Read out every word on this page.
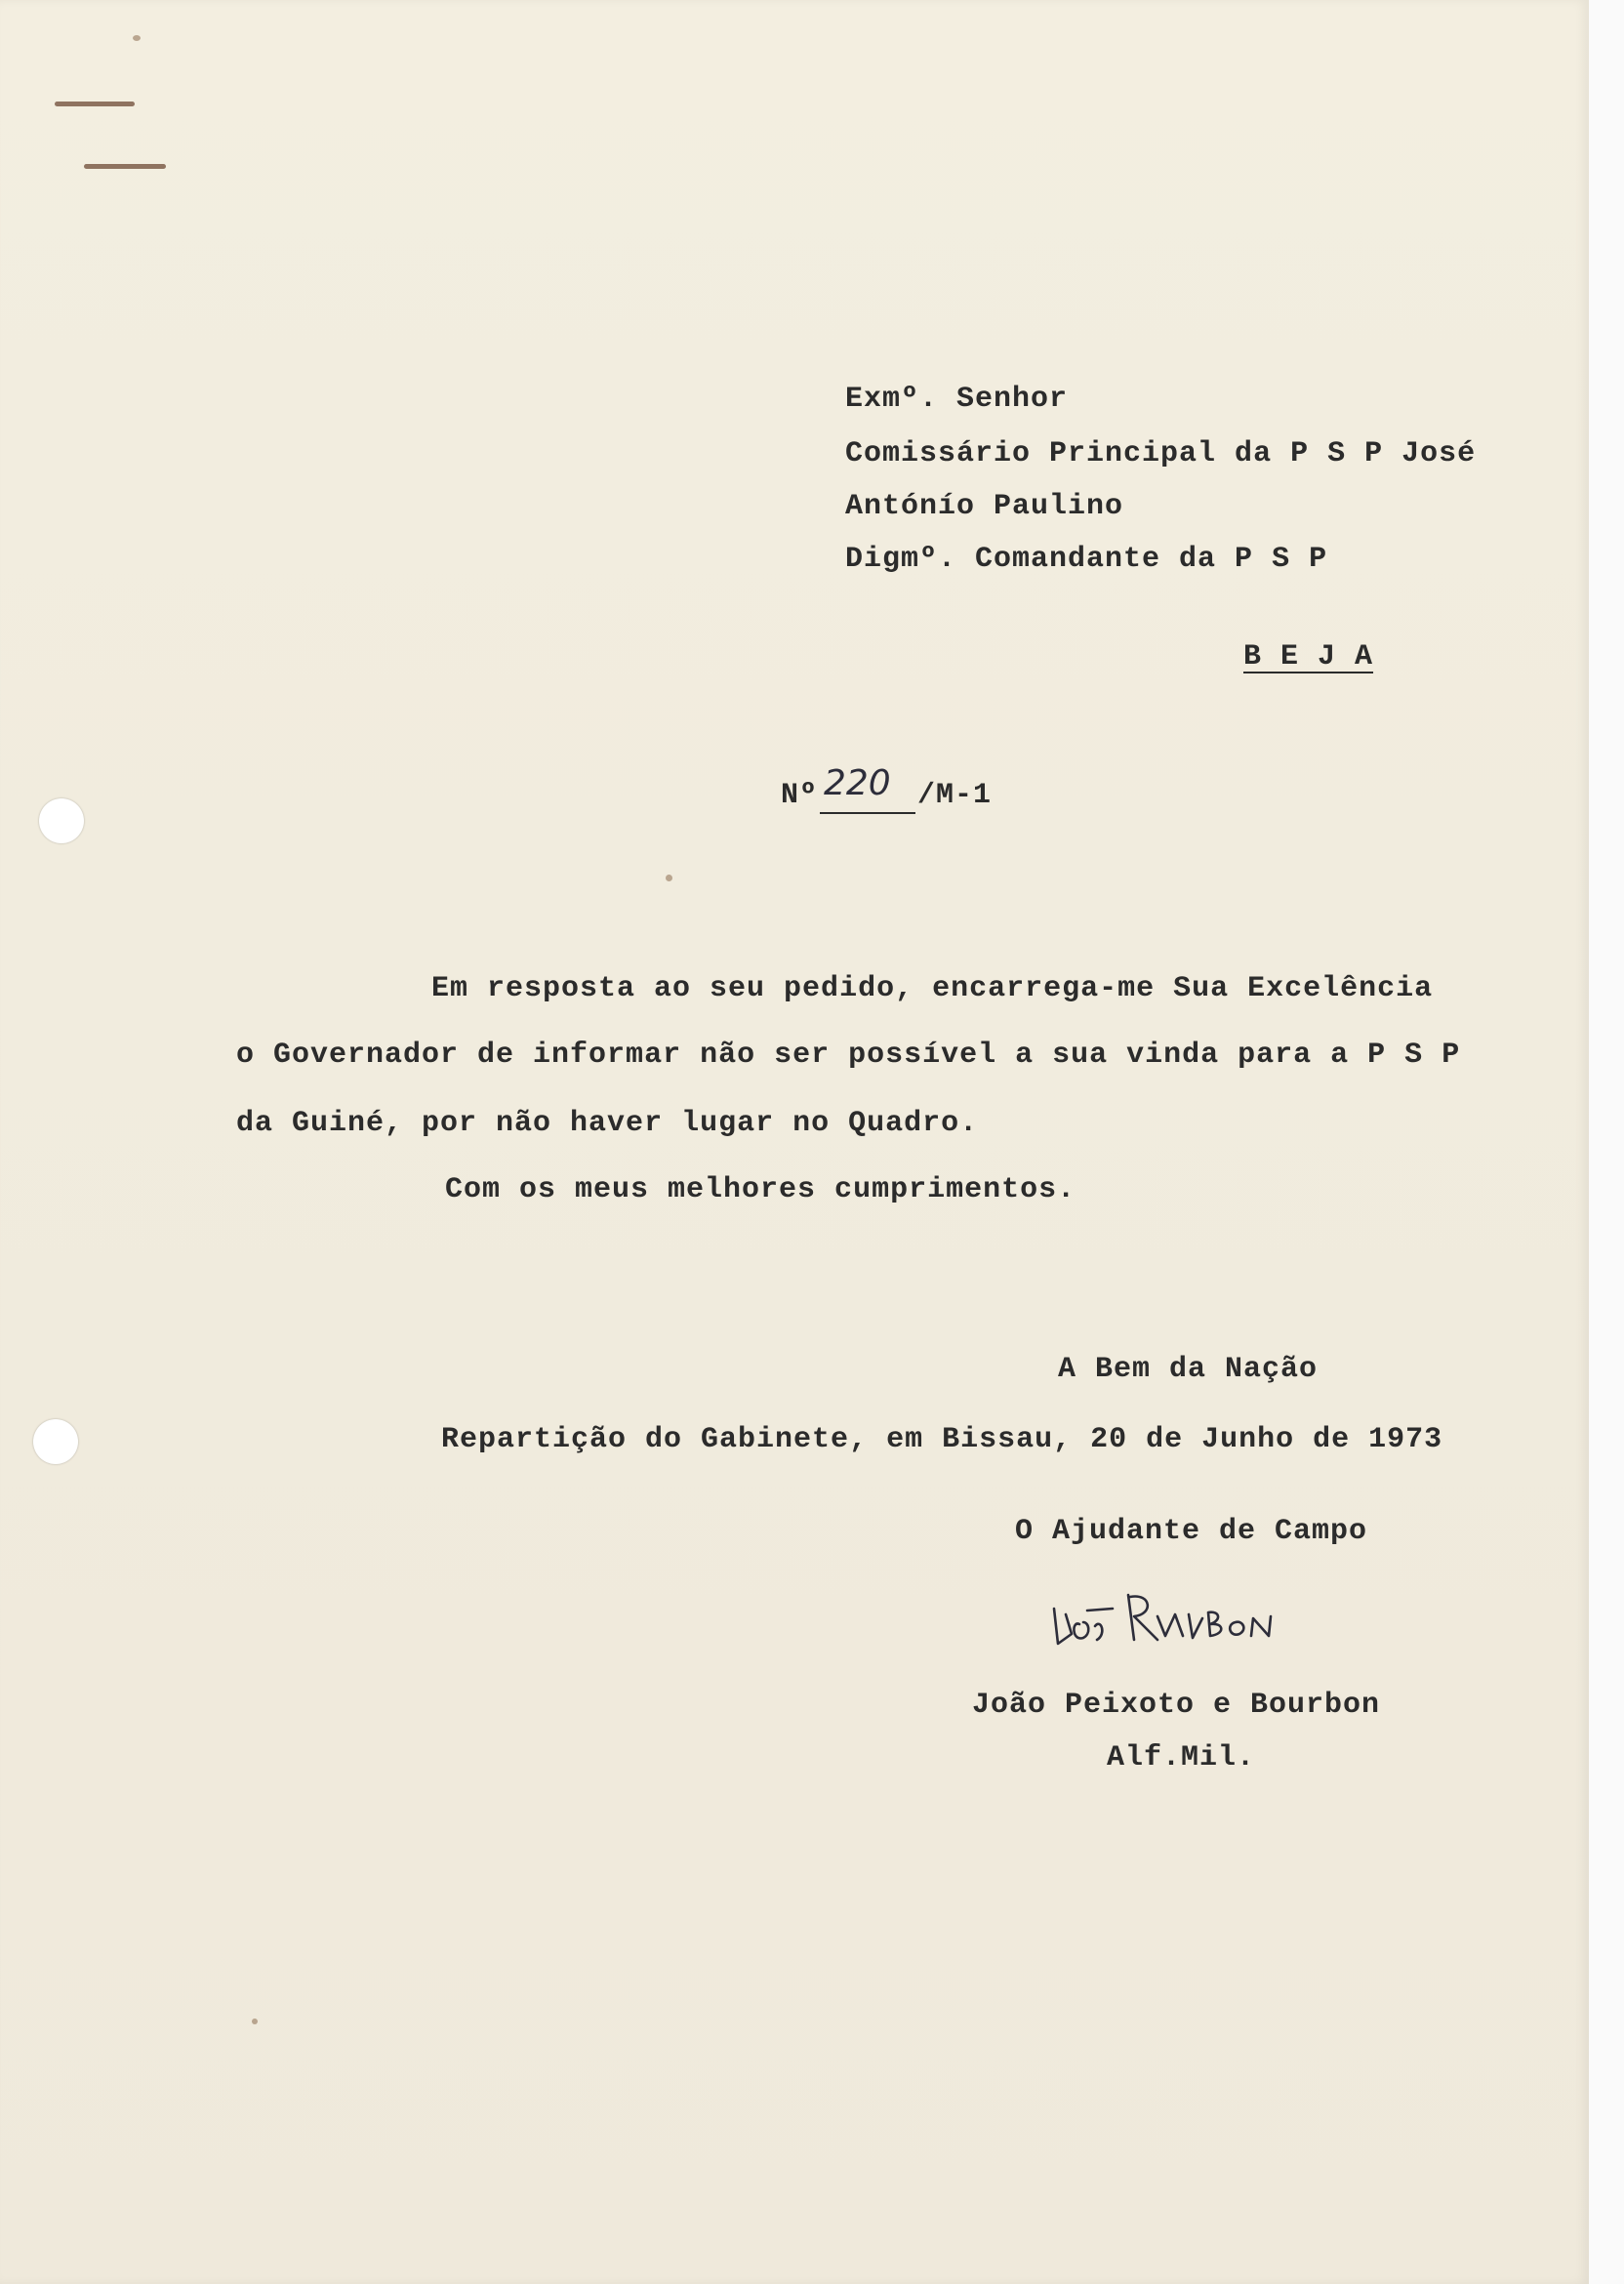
Exmº. Senhor

Comissário Principal da P S P José

Antónío Paulino

Digmº. Comandante da P S P

B E J A

Nº 220 /M-1

Em resposta ao seu pedido, encarrega-me Sua Excelência

o Governador de informar não ser possível a sua vinda para a P S P

da Guiné, por não haver lugar no Quadro.

Com os meus melhores cumprimentos.

A Bem da Nação

Repartição do Gabinete, em Bissau, 20 de Junho de 1973

O Ajudante de Campo

João Peixoto e Bourbon

Alf.Mil.
